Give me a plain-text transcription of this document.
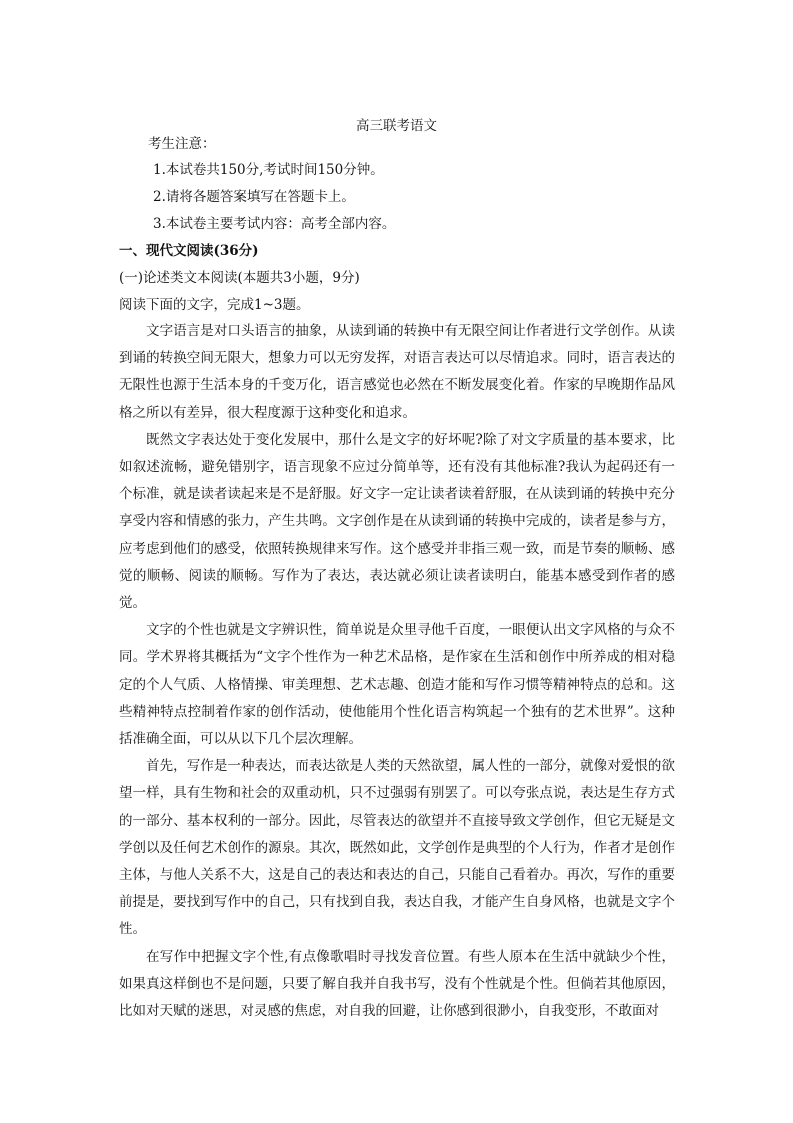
高三联考语文
考生注意：
1.本试卷共150分,考试时间150分钟。
2.请将各题答案填写在答题卡上。
3.本试卷主要考试内容：高考全部内容。
一、现代文阅读(36分)
(一)论述类文本阅读(本题共3小题，9分)
阅读下面的文字，完成1~3题。

文字语言是对口头语言的抽象，从读到诵的转换中有无限空间让作者进行文学创作。从读到诵的转换空间无限大，想象力可以无穷发挥，对语言表达可以尽情追求。同时，语言表达的无限性也源于生活本身的千变万化，语言感觉也必然在不断发展变化着。作家的早晚期作品风格之所以有差异，很大程度源于这种变化和追求。

既然文字表达处于变化发展中，那什么是文字的好坏呢?除了对文字质量的基本要求，比如叙述流畅，避免错别字，语言现象不应过分简单等，还有没有其他标准?我认为起码还有一个标准，就是读者读起来是不是舒服。好文字一定让读者读着舒服，在从读到诵的转换中充分享受内容和情感的张力，产生共鸣。文字创作是在从读到诵的转换中完成的，读者是参与方，应考虑到他们的感受，依照转换规律来写作。这个感受并非指三观一致，而是节奏的顺畅、感觉的顺畅、阅读的顺畅。写作为了表达，表达就必须让读者读明白，能基本感受到作者的感觉。

文字的个性也就是文字辨识性，简单说是众里寻他千百度，一眼便认出文字风格的与众不同。学术界将其概括为“文字个性作为一种艺术品格，是作家在生活和创作中所养成的相对稳定的个人气质、人格情操、审美理想、艺术志趣、创造才能和写作习惯等精神特点的总和。这些精神特点控制着作家的创作活动，使他能用个性化语言构筑起一个独有的艺术世界”。这种括准确全面，可以从以下几个层次理解。

首先，写作是一种表达，而表达欲是人类的天然欲望，属人性的一部分，就像对爱恨的欲望一样，具有生物和社会的双重动机，只不过强弱有别罢了。可以夸张点说，表达是生存方式的一部分、基本权利的一部分。因此，尽管表达的欲望并不直接导致文学创作，但它无疑是文学创以及任何艺术创作的源泉。其次，既然如此，文学创作是典型的个人行为，作者才是创作主体，与他人关系不大，这是自己的表达和表达的自己，只能自己看着办。再次，写作的重要前提是，要找到写作中的自己，只有找到自我，表达自我，才能产生自身风格，也就是文字个性。

在写作中把握文字个性,有点像歌唱时寻找发音位置。有些人原本在生活中就缺少个性，如果真这样倒也不是问题，只要了解自我并自我书写，没有个性就是个性。但倘若其他原因，比如对天赋的迷思，对灵感的焦虑，对自我的回避，让你感到很渺小，自我变形，不敢面对
